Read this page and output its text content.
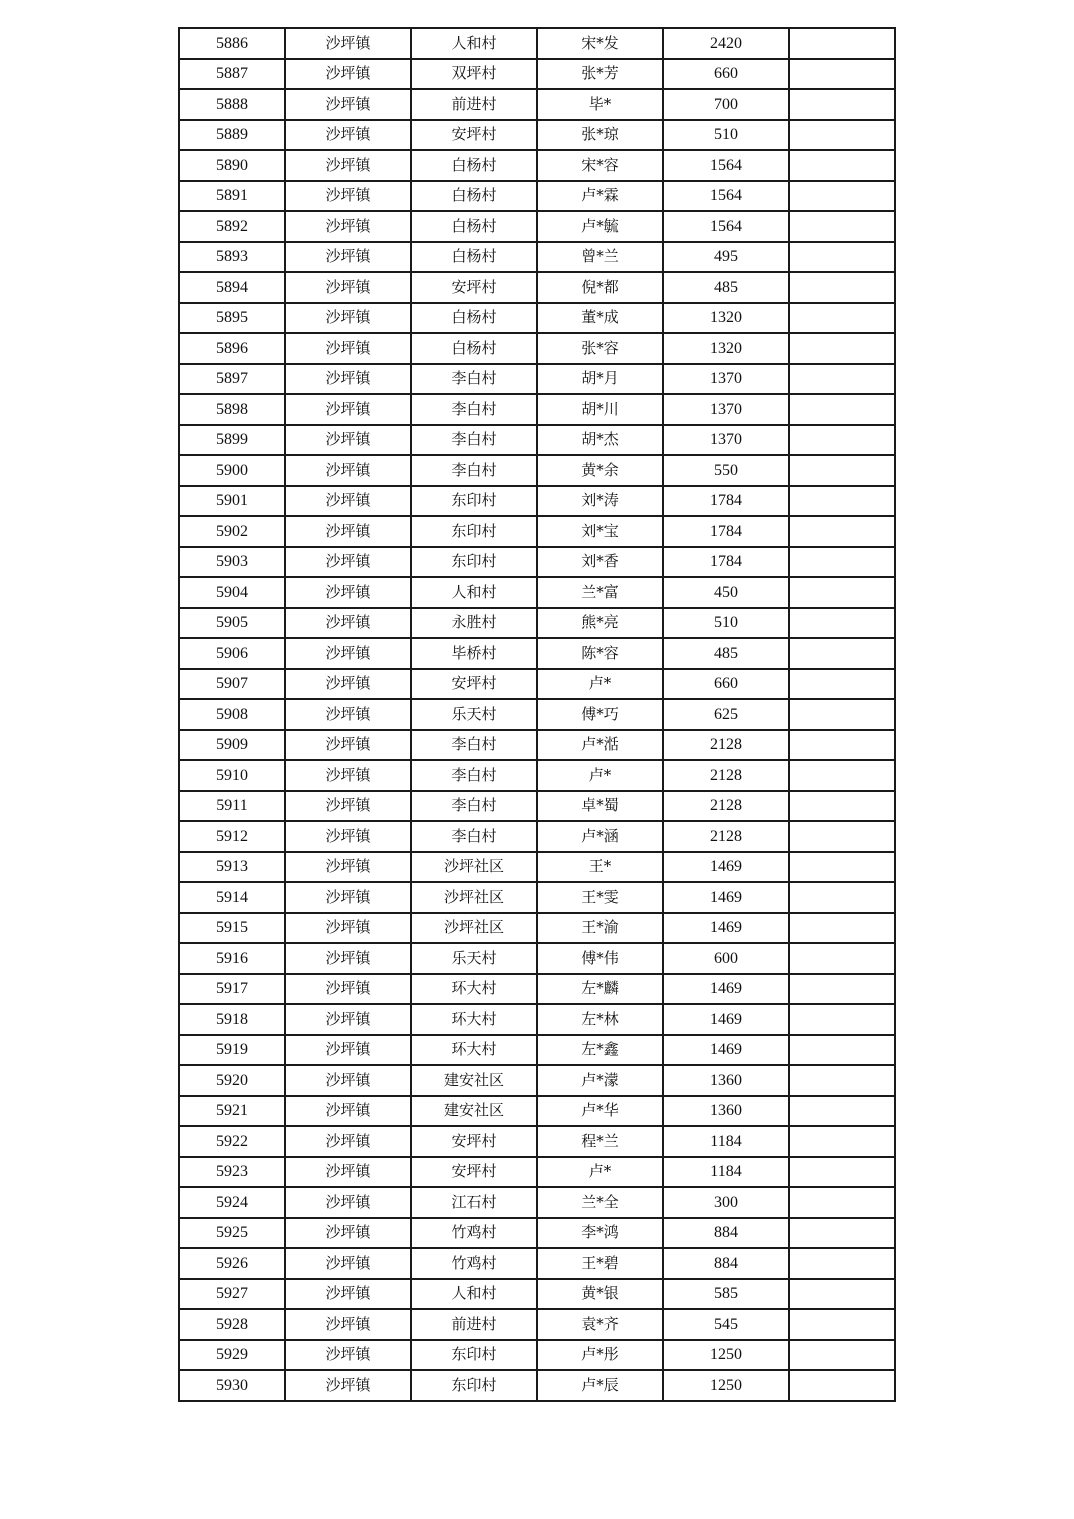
5886	沙坪镇	人和村	宋*发	2420	
5887	沙坪镇	双坪村	张*芳	660	
5888	沙坪镇	前进村	毕*	700	
5889	沙坪镇	安坪村	张*琼	510	
5890	沙坪镇	白杨村	宋*容	1564	
5891	沙坪镇	白杨村	卢*霖	1564	
5892	沙坪镇	白杨村	卢*毓	1564	
5893	沙坪镇	白杨村	曾*兰	495	
5894	沙坪镇	安坪村	倪*都	485	
5895	沙坪镇	白杨村	董*成	1320	
5896	沙坪镇	白杨村	张*容	1320	
5897	沙坪镇	李白村	胡*月	1370	
5898	沙坪镇	李白村	胡*川	1370	
5899	沙坪镇	李白村	胡*杰	1370	
5900	沙坪镇	李白村	黄*余	550	
5901	沙坪镇	东印村	刘*涛	1784	
5902	沙坪镇	东印村	刘*宝	1784	
5903	沙坪镇	东印村	刘*香	1784	
5904	沙坪镇	人和村	兰*富	450	
5905	沙坪镇	永胜村	熊*亮	510	
5906	沙坪镇	毕桥村	陈*容	485	
5907	沙坪镇	安坪村	卢*	660	
5908	沙坪镇	乐天村	傅*巧	625	
5909	沙坪镇	李白村	卢*湉	2128	
5910	沙坪镇	李白村	卢*	2128	
5911	沙坪镇	李白村	卓*蜀	2128	
5912	沙坪镇	李白村	卢*涵	2128	
5913	沙坪镇	沙坪社区	王*	1469	
5914	沙坪镇	沙坪社区	王*雯	1469	
5915	沙坪镇	沙坪社区	王*渝	1469	
5916	沙坪镇	乐天村	傅*伟	600	
5917	沙坪镇	环大村	左*麟	1469	
5918	沙坪镇	环大村	左*林	1469	
5919	沙坪镇	环大村	左*鑫	1469	
5920	沙坪镇	建安社区	卢*濛	1360	
5921	沙坪镇	建安社区	卢*华	1360	
5922	沙坪镇	安坪村	程*兰	1184	
5923	沙坪镇	安坪村	卢*	1184	
5924	沙坪镇	江石村	兰*全	300	
5925	沙坪镇	竹鸡村	李*鸿	884	
5926	沙坪镇	竹鸡村	王*碧	884	
5927	沙坪镇	人和村	黄*银	585	
5928	沙坪镇	前进村	袁*齐	545	
5929	沙坪镇	东印村	卢*彤	1250	
5930	沙坪镇	东印村	卢*辰	1250	
